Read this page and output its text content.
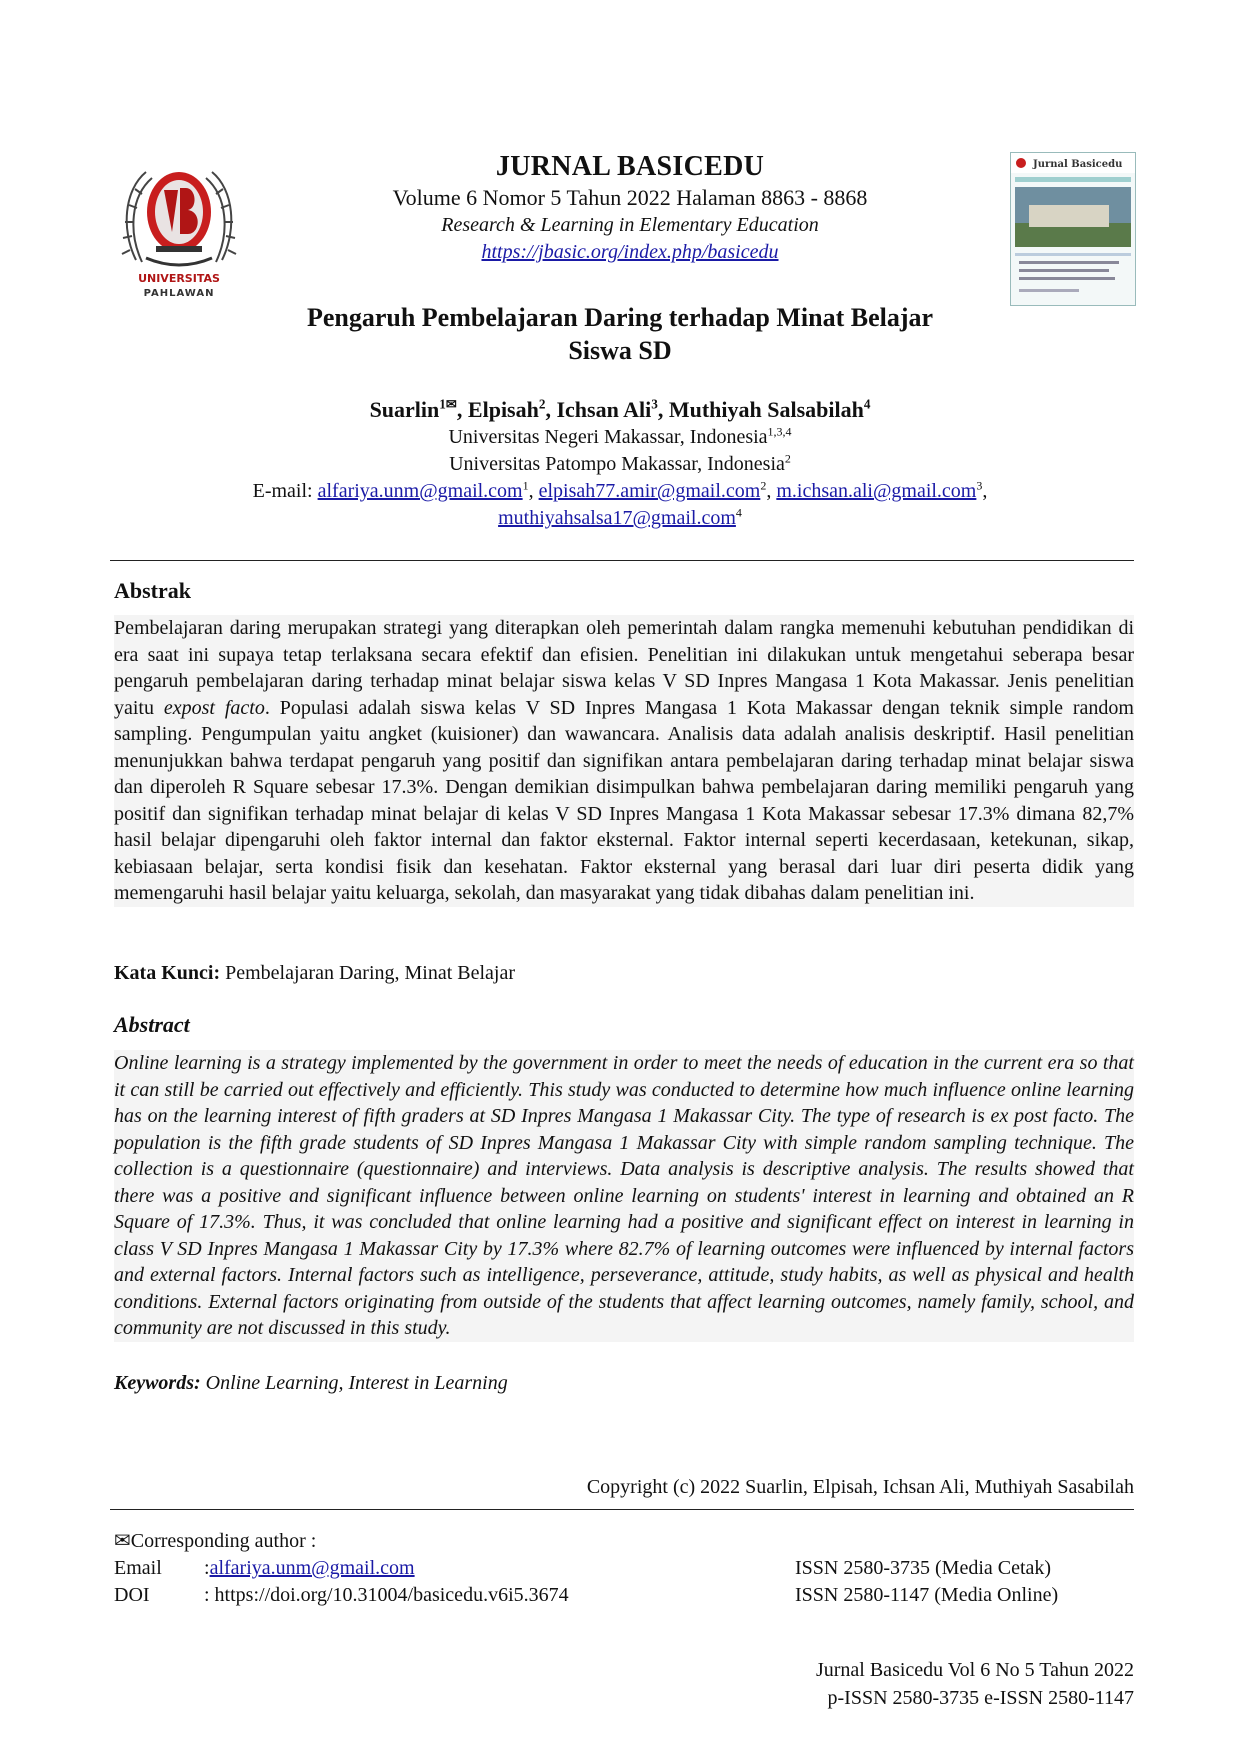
UNIVERSITAS
PAHLAWAN
JURNAL BASICEDU
Volume 6 Nomor 5 Tahun 2022 Halaman 8863 - 8868
Research & Learning in Elementary Education
https://jbasic.org/index.php/basicedu
Jurnal Basicedu
Pengaruh Pembelajaran Daring terhadap Minat Belajar
Siswa SD
Suarlin$^{1✉}$, Elpisah$^2$, Ichsan Ali$^3$, Muthiyah Salsabilah$^4$
Universitas Negeri Makassar, Indonesia$^{1,3,4}$
Universitas Patompo Makassar, Indonesia$^2$
E-mail: alfariya.unm@gmail.com$^1$, elpisah77.amir@gmail.com$^2$, m.ichsan.ali@gmail.com$^3$,
muthiyahsalsa17@gmail.com$^4$
Abstrak
Pembelajaran daring merupakan strategi yang diterapkan oleh pemerintah dalam rangka memenuhi kebutuhan pendidikan di era saat ini supaya tetap terlaksana secara efektif dan efisien. Penelitian ini dilakukan untuk mengetahui seberapa besar pengaruh pembelajaran daring terhadap minat belajar siswa kelas V SD Inpres Mangasa 1 Kota Makassar. Jenis penelitian yaitu expost facto. Populasi adalah siswa kelas V SD Inpres Mangasa 1 Kota Makassar dengan teknik simple random sampling. Pengumpulan yaitu angket (kuisioner) dan wawancara. Analisis data adalah analisis deskriptif. Hasil penelitian menunjukkan bahwa terdapat pengaruh yang positif dan signifikan antara pembelajaran daring terhadap minat belajar siswa dan diperoleh R Square sebesar 17.3%. Dengan demikian disimpulkan bahwa pembelajaran daring memiliki pengaruh yang positif dan signifikan terhadap minat belajar di kelas V SD Inpres Mangasa 1 Kota Makassar sebesar 17.3% dimana 82,7% hasil belajar dipengaruhi oleh faktor internal dan faktor eksternal. Faktor internal seperti kecerdasaan, ketekunan, sikap, kebiasaan belajar, serta kondisi fisik dan kesehatan. Faktor eksternal yang berasal dari luar diri peserta didik yang memengaruhi hasil belajar yaitu keluarga, sekolah, dan masyarakat yang tidak dibahas dalam penelitian ini.
Kata Kunci: Pembelajaran Daring, Minat Belajar
Abstract
Online learning is a strategy implemented by the government in order to meet the needs of education in the current era so that it can still be carried out effectively and efficiently. This study was conducted to determine how much influence online learning has on the learning interest of fifth graders at SD Inpres Mangasa 1 Makassar City. The type of research is ex post facto. The population is the fifth grade students of SD Inpres Mangasa 1 Makassar City with simple random sampling technique. The collection is a questionnaire (questionnaire) and interviews. Data analysis is descriptive analysis. The results showed that there was a positive and significant influence between online learning on students' interest in learning and obtained an R Square of 17.3%. Thus, it was concluded that online learning had a positive and significant effect on interest in learning in class V SD Inpres Mangasa 1 Makassar City by 17.3% where 82.7% of learning outcomes were influenced by internal factors and external factors. Internal factors such as intelligence, perseverance, attitude, study habits, as well as physical and health conditions. External factors originating from outside of the students that affect learning outcomes, namely family, school, and community are not discussed in this study.
Keywords: Online Learning, Interest in Learning
Copyright (c) 2022 Suarlin, Elpisah, Ichsan Ali, Muthiyah Sasabilah
✉Corresponding author :
Email	: alfariya.unm@gmail.com
DOI	: https://doi.org/10.31004/basicedu.v6i5.3674
ISSN 2580-3735 (Media Cetak)
ISSN 2580-1147 (Media Online)
Jurnal Basicedu Vol 6 No 5 Tahun 2022
p-ISSN 2580-3735 e-ISSN 2580-1147
